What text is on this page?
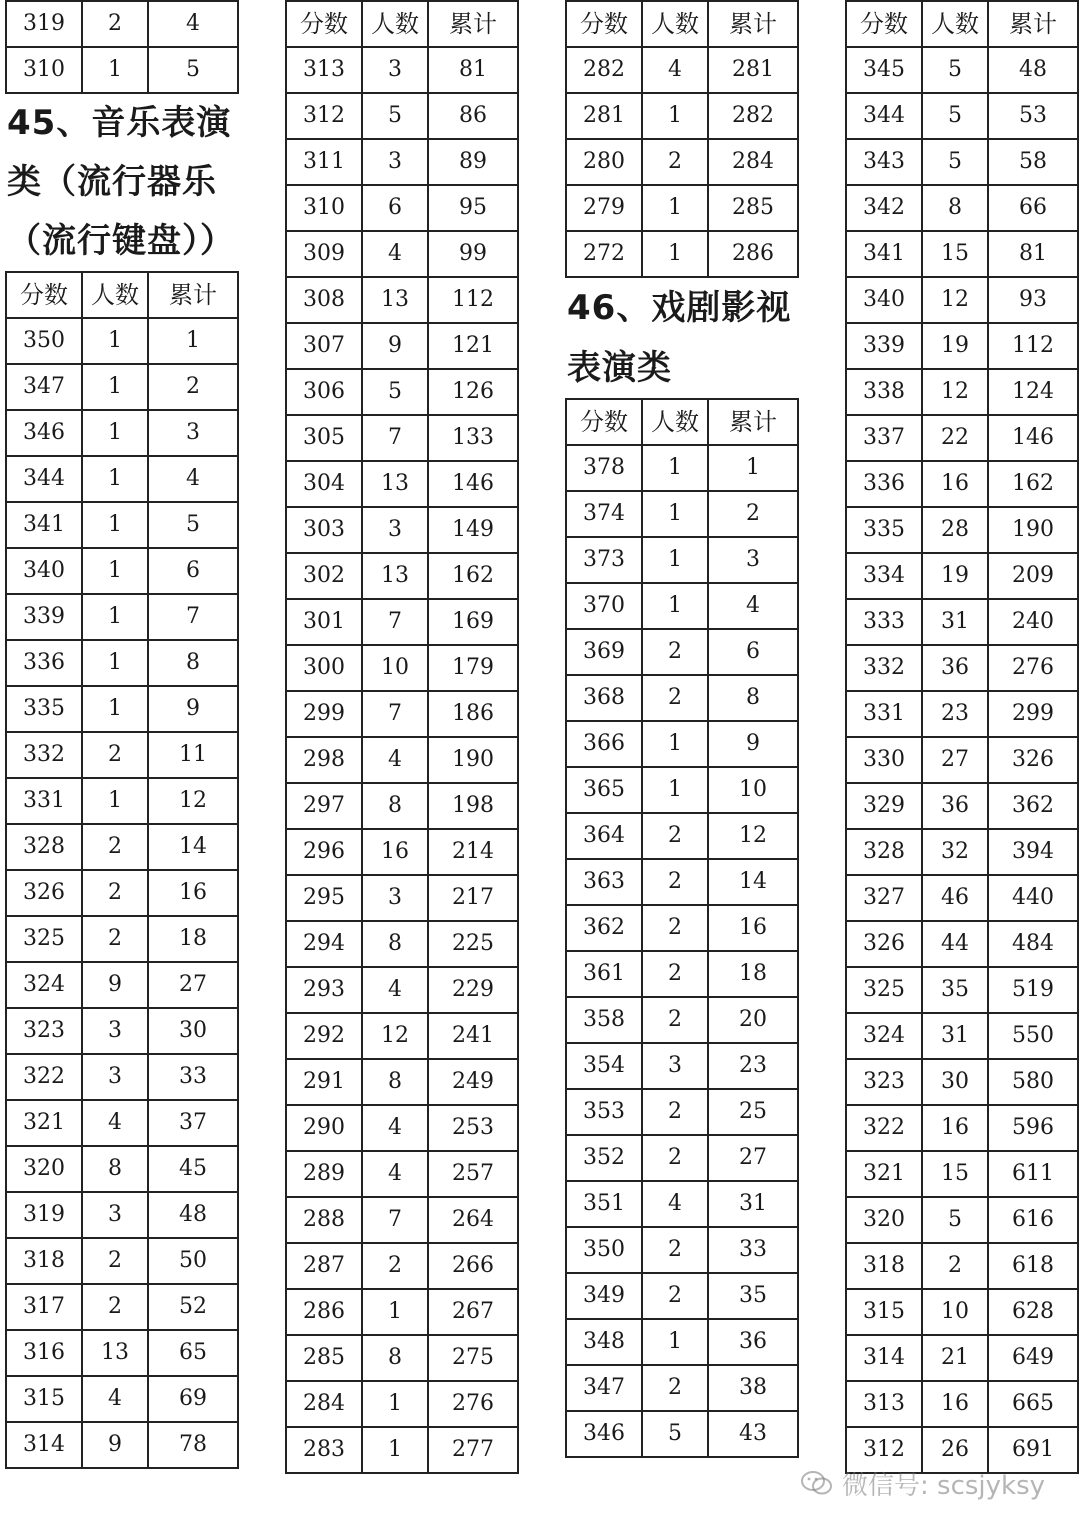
319	2	4
310	1	5
45、音乐表演
类（流行器乐
（流行键盘））
分数	人数	累计
350	1	1
347	1	2
346	1	3
344	1	4
341	1	5
340	1	6
339	1	7
336	1	8
335	1	9
332	2	11
331	1	12
328	2	14
326	2	16
325	2	18
324	9	27
323	3	30
322	3	33
321	4	37
320	8	45
319	3	48
318	2	50
317	2	52
316	13	65
315	4	69
314	9	78
分数	人数	累计
313	3	81
312	5	86
311	3	89
310	6	95
309	4	99
308	13	112
307	9	121
306	5	126
305	7	133
304	13	146
303	3	149
302	13	162
301	7	169
300	10	179
299	7	186
298	4	190
297	8	198
296	16	214
295	3	217
294	8	225
293	4	229
292	12	241
291	8	249
290	4	253
289	4	257
288	7	264
287	2	266
286	1	267
285	8	275
284	1	276
283	1	277
分数	人数	累计
282	4	281
281	1	282
280	2	284
279	1	285
272	1	286
46、戏剧影视
表演类
分数	人数	累计
378	1	1
374	1	2
373	1	3
370	1	4
369	2	6
368	2	8
366	1	9
365	1	10
364	2	12
363	2	14
362	2	16
361	2	18
358	2	20
354	3	23
353	2	25
352	2	27
351	4	31
350	2	33
349	2	35
348	1	36
347	2	38
346	5	43
分数	人数	累计
345	5	48
344	5	53
343	5	58
342	8	66
341	15	81
340	12	93
339	19	112
338	12	124
337	22	146
336	16	162
335	28	190
334	19	209
333	31	240
332	36	276
331	23	299
330	27	326
329	36	362
328	32	394
327	46	440
326	44	484
325	35	519
324	31	550
323	30	580
322	16	596
321	15	611
320	5	616
318	2	618
315	10	628
314	21	649
313	16	665
312	26	691
微信号: scsjyksy
